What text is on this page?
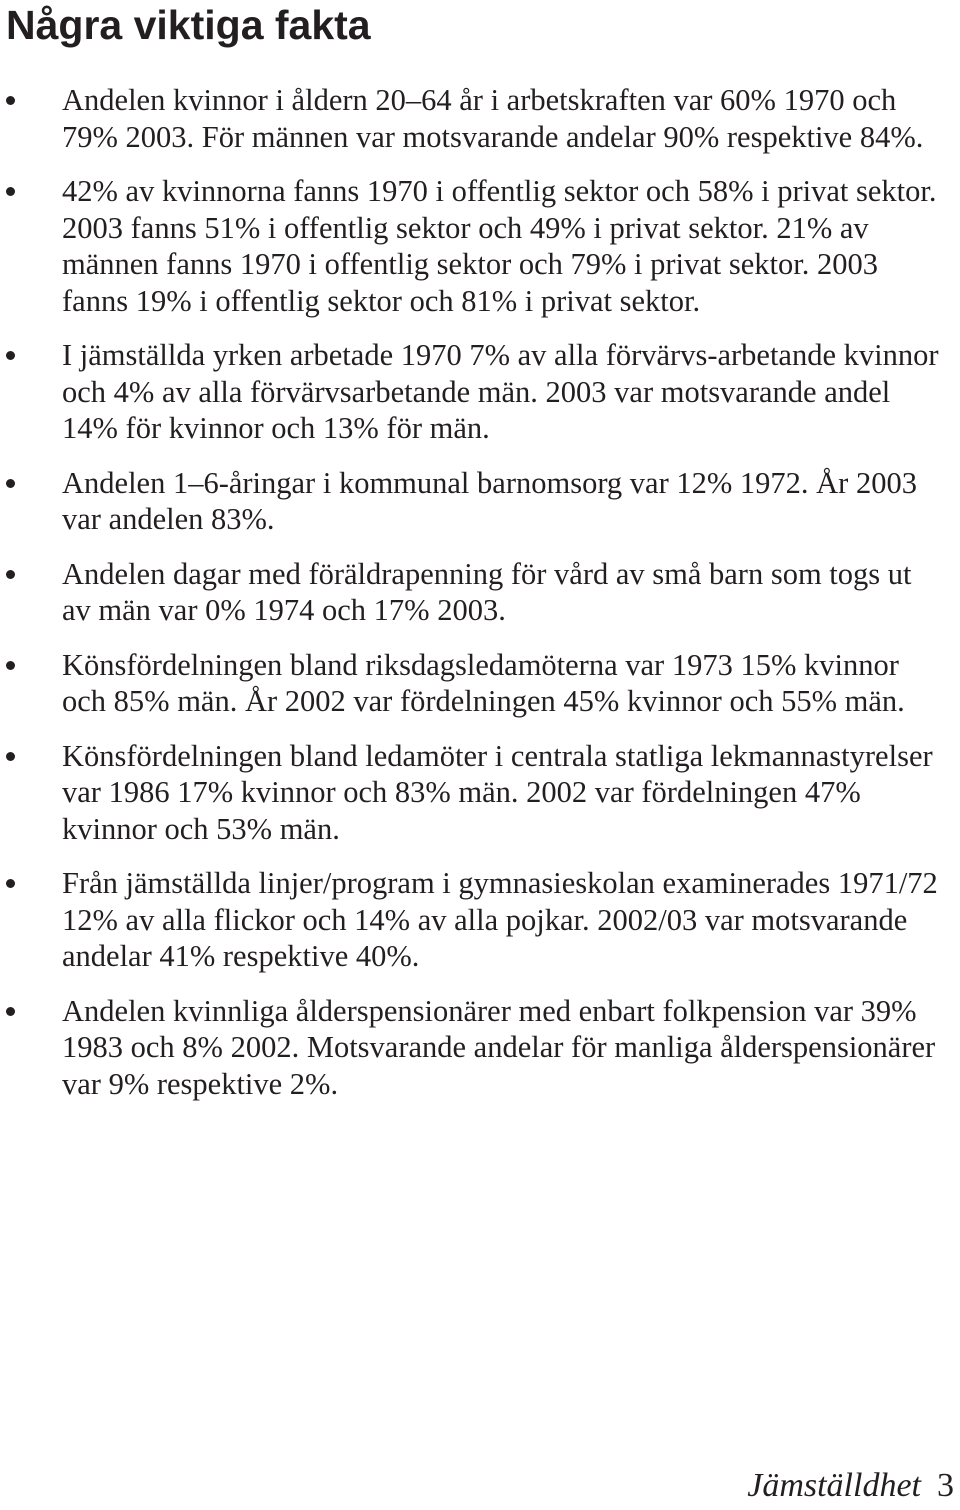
Några viktiga fakta
Andelen kvinnor i åldern 20–64 år i arbetskraften var 60% 1970 och 79% 2003. För männen var motsvarande andelar 90% respektive 84%.
42% av kvinnorna fanns 1970 i offentlig sektor och 58% i privat sektor. 2003 fanns 51% i offentlig sektor och 49% i privat sektor. 21% av männen fanns 1970 i offentlig sektor och 79% i privat sektor. 2003 fanns 19% i offentlig sektor och 81% i privat sektor.
I jämställda yrken arbetade 1970 7% av alla förvärvs-arbetande kvinnor och 4% av alla förvärvsarbetande män. 2003 var motsvarande andel 14% för kvinnor och 13% för män.
Andelen 1–6-åringar i kommunal barnomsorg var 12% 1972. År 2003 var andelen 83%.
Andelen dagar med föräldrapenning för vård av små barn som togs ut av män var 0% 1974 och 17% 2003.
Könsfördelningen bland riksdagsledamöterna var 1973 15% kvinnor och 85% män. År 2002 var fördelningen 45% kvinnor och 55% män.
Könsfördelningen bland ledamöter i centrala statliga lekmannastyrelser var 1986 17% kvinnor och 83% män. 2002 var fördelningen 47% kvinnor och 53% män.
Från jämställda linjer/program i gymnasieskolan examinerades 1971/72 12% av alla flickor och 14% av alla pojkar. 2002/03 var motsvarande andelar 41% respektive 40%.
Andelen kvinnliga ålderspensionärer med enbart folkpension var 39% 1983 och 8% 2002. Motsvarande andelar för manliga ålderspensionärer var 9% respektive 2%.
Jämställdhet 3
